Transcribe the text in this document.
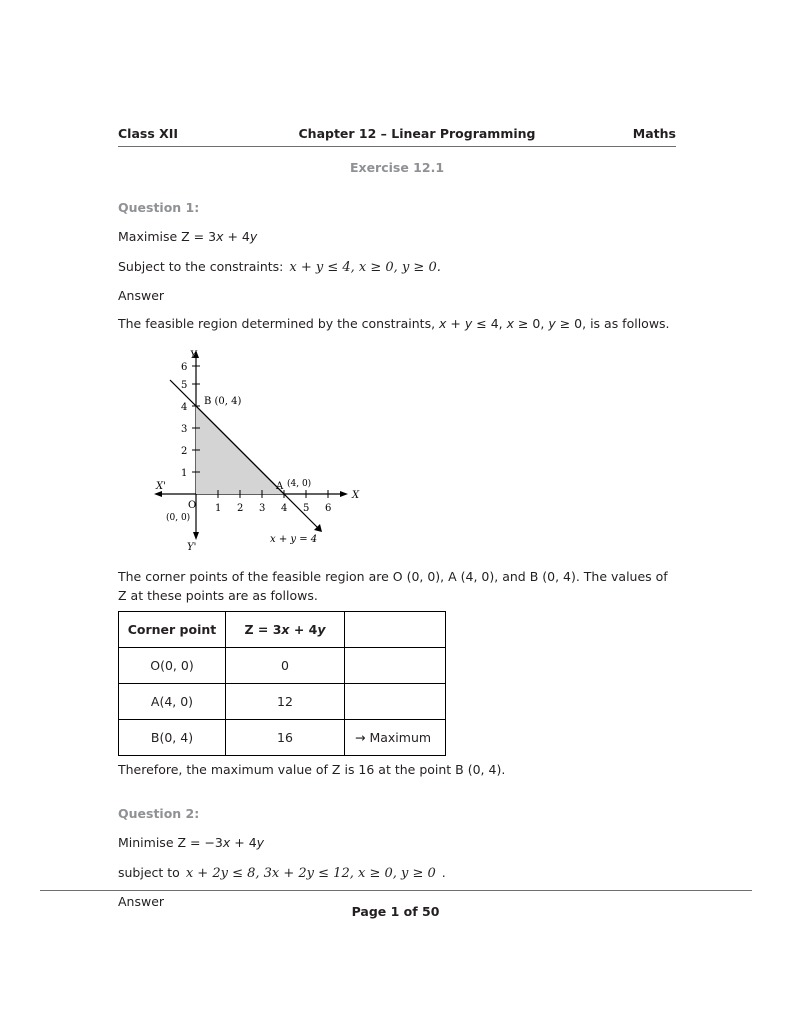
Class XII	Chapter 12 – Linear Programming	Maths
Exercise 12.1
Question 1:
Maximise Z = 3x + 4y
Subject to the constraints: x + y ≤ 4, x ≥ 0, y ≥ 0.
Answer
The feasible region determined by the constraints, x + y ≤ 4, x ≥ 0, y ≥ 0, is as follows.
Y
Y'
X
X'
1
2
3
4
5
6
1 2 3 4 5 6
B (0, 4)
A (4, 0)
O
(0, 0)
x + y = 4
The corner points of the feasible region are O (0, 0), A (4, 0), and B (0, 4). The values of Z at these points are as follows.
Corner point	Z = 3x + 4y	
O(0, 0)	0	
A(4, 0)	12	
B(0, 4)	16	→ Maximum
Therefore, the maximum value of Z is 16 at the point B (0, 4).
Question 2:
Minimise Z = −3x + 4y
subject to x + 2y ≤ 8, 3x + 2y ≤ 12, x ≥ 0, y ≥ 0 .
Answer
Page 1 of 50
